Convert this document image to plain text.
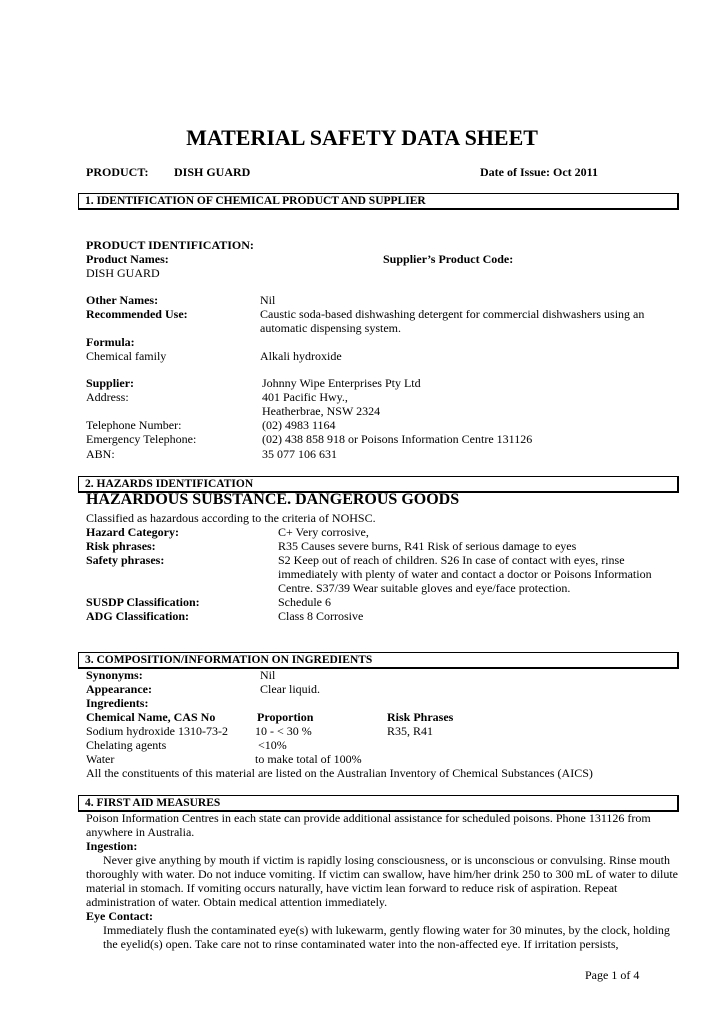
MATERIAL SAFETY DATA SHEET
PRODUCT: DISH GUARD	Date of Issue: Oct 2011
1. IDENTIFICATION OF CHEMICAL PRODUCT AND SUPPLIER
PRODUCT IDENTIFICATION:
Product Names:	Supplier’s Product Code:
DISH GUARD
Other Names:	Nil
Recommended Use:	Caustic soda-based dishwashing detergent for commercial dishwashers using an automatic dispensing system.
Formula:
Chemical family	Alkali hydroxide
Supplier:	Johnny Wipe Enterprises Pty Ltd
Address:	401 Pacific Hwy.,
Heatherbrae, NSW 2324
Telephone Number:	(02) 4983 1164
Emergency Telephone:	(02) 438 858 918 or Poisons Information Centre 131126
ABN:	35 077 106 631
2. HAZARDS IDENTIFICATION
HAZARDOUS SUBSTANCE. DANGEROUS GOODS
Classified as hazardous according to the criteria of NOHSC.
Hazard Category:	C+ Very corrosive,
Risk phrases:	R35 Causes severe burns, R41 Risk of serious damage to eyes
Safety phrases:	S2 Keep out of reach of children. S26 In case of contact with eyes, rinse immediately with plenty of water and contact a doctor or Poisons Information Centre. S37/39 Wear suitable gloves and eye/face protection.
SUSDP Classification:	Schedule 6
ADG Classification:	Class 8 Corrosive
3. COMPOSITION/INFORMATION ON INGREDIENTS
Synonyms:	Nil
Appearance:	Clear liquid.
Ingredients:
Chemical Name, CAS No	Proportion	Risk Phrases
Sodium hydroxide 1310-73-2 10 - < 30 %	R35, R41
Chelating agents	<10%
Water	to make total of 100%
All the constituents of this material are listed on the Australian Inventory of Chemical Substances (AICS)
4. FIRST AID MEASURES
Poison Information Centres in each state can provide additional assistance for scheduled poisons. Phone 131126 from anywhere in Australia.
Ingestion:
Never give anything by mouth if victim is rapidly losing consciousness, or is unconscious or convulsing. Rinse mouth thoroughly with water. Do not induce vomiting. If victim can swallow, have him/her drink 250 to 300 mL of water to dilute material in stomach. If vomiting occurs naturally, have victim lean forward to reduce risk of aspiration. Repeat administration of water. Obtain medical attention immediately.
Eye Contact:
Immediately flush the contaminated eye(s) with lukewarm, gently flowing water for 30 minutes, by the clock, holding the eyelid(s) open. Take care not to rinse contaminated water into the non-affected eye. If irritation persists,
Page 1 of 4
